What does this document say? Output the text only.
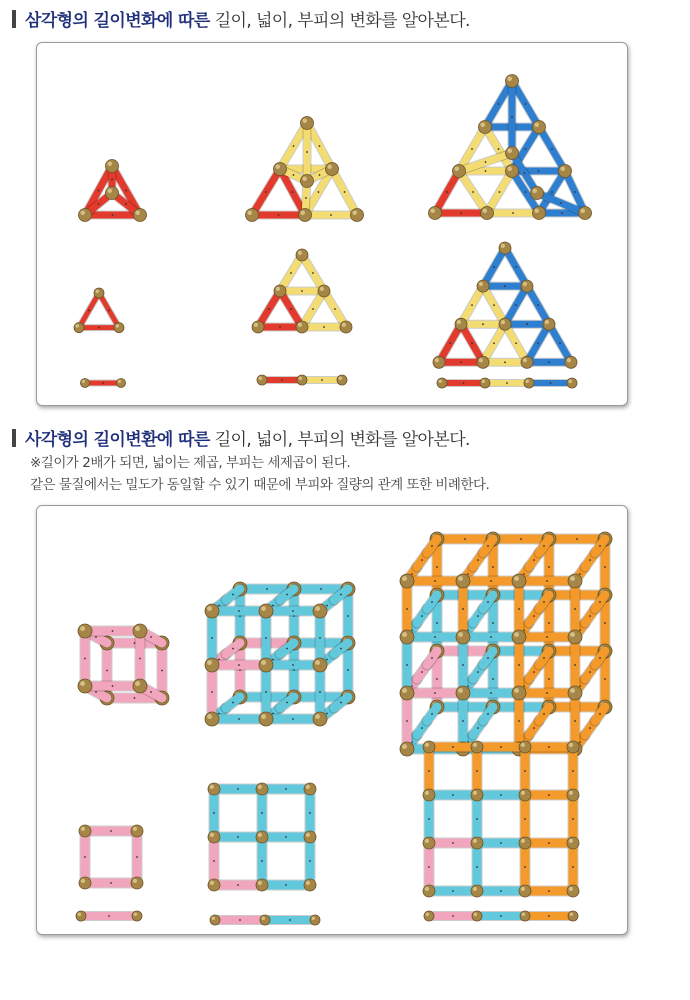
삼각형의 길이변화에 따른 길이, 넓이, 부피의 변화를 알아본다.
사각형의 길이변환에 따른 길이, 넓이, 부피의 변화를 알아본다.
※길이가 2배가 되면, 넓이는 제곱, 부피는 세제곱이 된다.
같은 물질에서는 밀도가 동일할 수 있기 때문에 부피와 질량의 관계 또한 비례한다.
